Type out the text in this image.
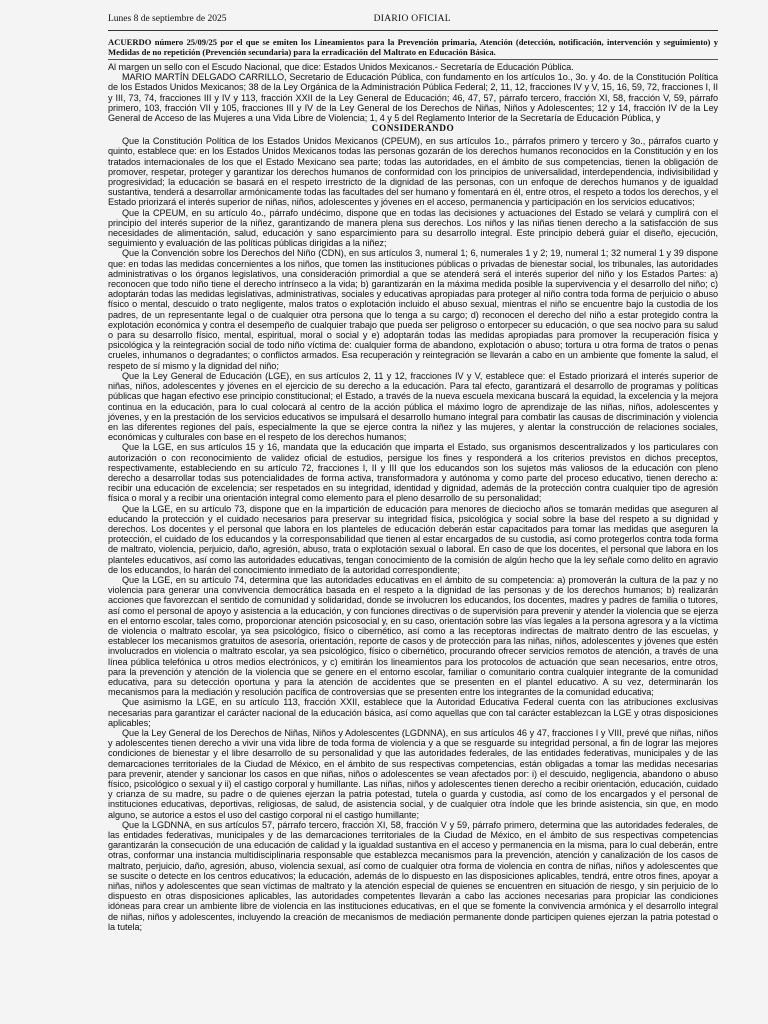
Lunes 8 de septiembre de 2025	DIARIO OFICIAL
ACUERDO número 25/09/25 por el que se emiten los Lineamientos para la Prevención primaria, Atención (detección, notificación, intervención y seguimiento) y Medidas de no repetición (Prevención secundaria) para la erradicación del Maltrato en Educación Básica.

Al margen un sello con el Escudo Nacional, que dice: Estados Unidos Mexicanos.- Secretaría de Educación Pública.

MARIO MARTÍN DELGADO CARRILLO, Secretario de Educación Pública, con fundamento en los artículos 1o., 3o. y 4o. de la Constitución Política de los Estados Unidos Mexicanos; 38 de la Ley Orgánica de la Administración Pública Federal; 2, 11, 12, fracciones IV y V, 15, 16, 59, 72, fracciones I, II y III, 73, 74, fracciones III y IV y 113, fracción XXII de la Ley General de Educación; 46, 47, 57, párrafo tercero, fracción XI, 58, fracción V, 59, párrafo primero, 103, fracción VII y 105, fracciones III y IV de la Ley General de los Derechos de Niñas, Niños y Adolescentes; 12 y 14, fracción IV de la Ley General de Acceso de las Mujeres a una Vida Libre de Violencia; 1, 4 y 5 del Reglamento Interior de la Secretaría de Educación Pública, y

CONSIDERANDO

Que la Constitución Política de los Estados Unidos Mexicanos (CPEUM), en sus artículos 1o., párrafos primero y tercero y 3o., párrafos cuarto y quinto, establece que: en los Estados Unidos Mexicanos todas las personas gozarán de los derechos humanos reconocidos en la Constitución y en los tratados internacionales de los que el Estado Mexicano sea parte; todas las autoridades, en el ámbito de sus competencias, tienen la obligación de promover, respetar, proteger y garantizar los derechos humanos de conformidad con los principios de universalidad, interdependencia, indivisibilidad y progresividad; la educación se basará en el respeto irrestricto de la dignidad de las personas, con un enfoque de derechos humanos y de igualdad sustantiva, tenderá a desarrollar armónicamente todas las facultades del ser humano y fomentará en él, entre otros, el respeto a todos los derechos, y el Estado priorizará el interés superior de niñas, niños, adolescentes y jóvenes en el acceso, permanencia y participación en los servicios educativos;

Que la CPEUM, en su artículo 4o., párrafo undécimo, dispone que en todas las decisiones y actuaciones del Estado se velará y cumplirá con el principio del interés superior de la niñez, garantizando de manera plena sus derechos. Los niños y las niñas tienen derecho a la satisfacción de sus necesidades de alimentación, salud, educación y sano esparcimiento para su desarrollo integral. Este principio deberá guiar el diseño, ejecución, seguimiento y evaluación de las políticas públicas dirigidas a la niñez;

Que la Convención sobre los Derechos del Niño (CDN), en sus artículos 3, numeral 1; 6, numerales 1 y 2; 19, numeral 1; 32 numeral 1 y 39 dispone que: en todas las medidas concernientes a los niños, que tomen las instituciones públicas o privadas de bienestar social, los tribunales, las autoridades administrativas o los órganos legislativos, una consideración primordial a que se atenderá será el interés superior del niño y los Estados Partes: a) reconocen que todo niño tiene el derecho intrínseco a la vida; b) garantizarán en la máxima medida posible la supervivencia y el desarrollo del niño; c) adoptarán todas las medidas legislativas, administrativas, sociales y educativas apropiadas para proteger al niño contra toda forma de perjuicio o abuso físico o mental, descuido o trato negligente, malos tratos o explotación incluido el abuso sexual, mientras el niño se encuentre bajo la custodia de los padres, de un representante legal o de cualquier otra persona que lo tenga a su cargo; d) reconocen el derecho del niño a estar protegido contra la explotación económica y contra el desempeño de cualquier trabajo que pueda ser peligroso o entorpecer su educación, o que sea nocivo para su salud o para su desarrollo físico, mental, espiritual, moral o social y e) adoptarán todas las medidas apropiadas para promover la recuperación física y psicológica y la reintegración social de todo niño víctima de: cualquier forma de abandono, explotación o abuso; tortura u otra forma de tratos o penas crueles, inhumanos o degradantes; o conflictos armados. Esa recuperación y reintegración se llevarán a cabo en un ambiente que fomente la salud, el respeto de sí mismo y la dignidad del niño;

Que la Ley General de Educación (LGE), en sus artículos 2, 11 y 12, fracciones IV y V, establece que: el Estado priorizará el interés superior de niñas, niños, adolescentes y jóvenes en el ejercicio de su derecho a la educación. Para tal efecto, garantizará el desarrollo de programas y políticas públicas que hagan efectivo ese principio constitucional; el Estado, a través de la nueva escuela mexicana buscará la equidad, la excelencia y la mejora continua en la educación, para lo cual colocará al centro de la acción pública el máximo logro de aprendizaje de las niñas, niños, adolescentes y jóvenes, y en la prestación de los servicios educativos se impulsará el desarrollo humano integral para combatir las causas de discriminación y violencia en las diferentes regiones del país, especialmente la que se ejerce contra la niñez y las mujeres, y alentar la construcción de relaciones sociales, económicas y culturales con base en el respeto de los derechos humanos;

Que la LGE, en sus artículos 15 y 16, mandata que la educación que imparta el Estado, sus organismos descentralizados y los particulares con autorización o con reconocimiento de validez oficial de estudios, persigue los fines y responderá a los criterios previstos en dichos preceptos, respectivamente, estableciendo en su artículo 72, fracciones I, II y III que los educandos son los sujetos más valiosos de la educación con pleno derecho a desarrollar todas sus potencialidades de forma activa, transformadora y autónoma y como parte del proceso educativo, tienen derecho a: recibir una educación de excelencia; ser respetados en su integridad, identidad y dignidad, además de la protección contra cualquier tipo de agresión física o moral y a recibir una orientación integral como elemento para el pleno desarrollo de su personalidad;

Que la LGE, en su artículo 73, dispone que en la impartición de educación para menores de dieciocho años se tomarán medidas que aseguren al educando la protección y el cuidado necesarios para preservar su integridad física, psicológica y social sobre la base del respeto a su dignidad y derechos. Los docentes y el personal que labora en los planteles de educación deberán estar capacitados para tomar las medidas que aseguren la protección, el cuidado de los educandos y la corresponsabilidad que tienen al estar encargados de su custodia, así como protegerlos contra toda forma de maltrato, violencia, perjuicio, daño, agresión, abuso, trata o explotación sexual o laboral. En caso de que los docentes, el personal que labora en los planteles educativos, así como las autoridades educativas, tengan conocimiento de la comisión de algún hecho que la ley señale como delito en agravio de los educandos, lo harán del conocimiento inmediato de la autoridad correspondiente;

Que la LGE, en su artículo 74, determina que las autoridades educativas en el ámbito de su competencia: a) promoverán la cultura de la paz y no violencia para generar una convivencia democrática basada en el respeto a la dignidad de las personas y de los derechos humanos; b) realizarán acciones que favorezcan el sentido de comunidad y solidaridad, donde se involucren los educandos, los docentes, madres y padres de familia o tutores, así como el personal de apoyo y asistencia a la educación, y con funciones directivas o de supervisión para prevenir y atender la violencia que se ejerza en el entorno escolar, tales como, proporcionar atención psicosocial y, en su caso, orientación sobre las vías legales a la persona agresora y a la víctima de violencia o maltrato escolar, ya sea psicológico, físico o cibernético, así como a las receptoras indirectas de maltrato dentro de las escuelas, y establecer los mecanismos gratuitos de asesoría, orientación, reporte de casos y de protección para las niñas, niños, adolescentes y jóvenes que estén involucrados en violencia o maltrato escolar, ya sea psicológico, físico o cibernético, procurando ofrecer servicios remotos de atención, a través de una línea pública telefónica u otros medios electrónicos, y c) emitirán los lineamientos para los protocolos de actuación que sean necesarios, entre otros, para la prevención y atención de la violencia que se genere en el entorno escolar, familiar o comunitario contra cualquier integrante de la comunidad educativa, para su detección oportuna y para la atención de accidentes que se presenten en el plantel educativo. A su vez, determinarán los mecanismos para la mediación y resolución pacífica de controversias que se presenten entre los integrantes de la comunidad educativa;

Que asimismo la LGE, en su artículo 113, fracción XXII, establece que la Autoridad Educativa Federal cuenta con las atribuciones exclusivas necesarias para garantizar el carácter nacional de la educación básica, así como aquellas que con tal carácter establezcan la LGE y otras disposiciones aplicables;

Que la Ley General de los Derechos de Niñas, Niños y Adolescentes (LGDNNA), en sus artículos 46 y 47, fracciones I y VIII, prevé que niñas, niños y adolescentes tienen derecho a vivir una vida libre de toda forma de violencia y a que se resguarde su integridad personal, a fin de lograr las mejores condiciones de bienestar y el libre desarrollo de su personalidad y que las autoridades federales, de las entidades federativas, municipales y de las demarcaciones territoriales de la Ciudad de México, en el ámbito de sus respectivas competencias, están obligadas a tomar las medidas necesarias para prevenir, atender y sancionar los casos en que niñas, niños o adolescentes se vean afectados por: i) el descuido, negligencia, abandono o abuso físico, psicológico o sexual y ii) el castigo corporal y humillante. Las niñas, niños y adolescentes tienen derecho a recibir orientación, educación, cuidado y crianza de su madre, su padre o de quienes ejerzan la patria potestad, tutela o guarda y custodia, así como de los encargados y el personal de instituciones educativas, deportivas, religiosas, de salud, de asistencia social, y de cualquier otra índole que les brinde asistencia, sin que, en modo alguno, se autorice a estos el uso del castigo corporal ni el castigo humillante;

Que la LGDNNA, en sus artículos 57, párrafo tercero, fracción XI, 58, fracción V y 59, párrafo primero, determina que las autoridades federales, de las entidades federativas, municipales y de las demarcaciones territoriales de la Ciudad de México, en el ámbito de sus respectivas competencias garantizarán la consecución de una educación de calidad y la igualdad sustantiva en el acceso y permanencia en la misma, para lo cual deberán, entre otras, conformar una instancia multidisciplinaria responsable que establezca mecanismos para la prevención, atención y canalización de los casos de maltrato, perjuicio, daño, agresión, abuso, violencia sexual, así como de cualquier otra forma de violencia en contra de niñas, niños y adolescentes que se suscite o detecte en los centros educativos; la educación, además de lo dispuesto en las disposiciones aplicables, tendrá, entre otros fines, apoyar a niñas, niños y adolescentes que sean víctimas de maltrato y la atención especial de quienes se encuentren en situación de riesgo, y sin perjuicio de lo dispuesto en otras disposiciones aplicables, las autoridades competentes llevarán a cabo las acciones necesarias para propiciar las condiciones idóneas para crear un ambiente libre de violencia en las instituciones educativas, en el que se fomente la convivencia armónica y el desarrollo integral de niñas, niños y adolescentes, incluyendo la creación de mecanismos de mediación permanente donde participen quienes ejerzan la patria potestad o la tutela;
